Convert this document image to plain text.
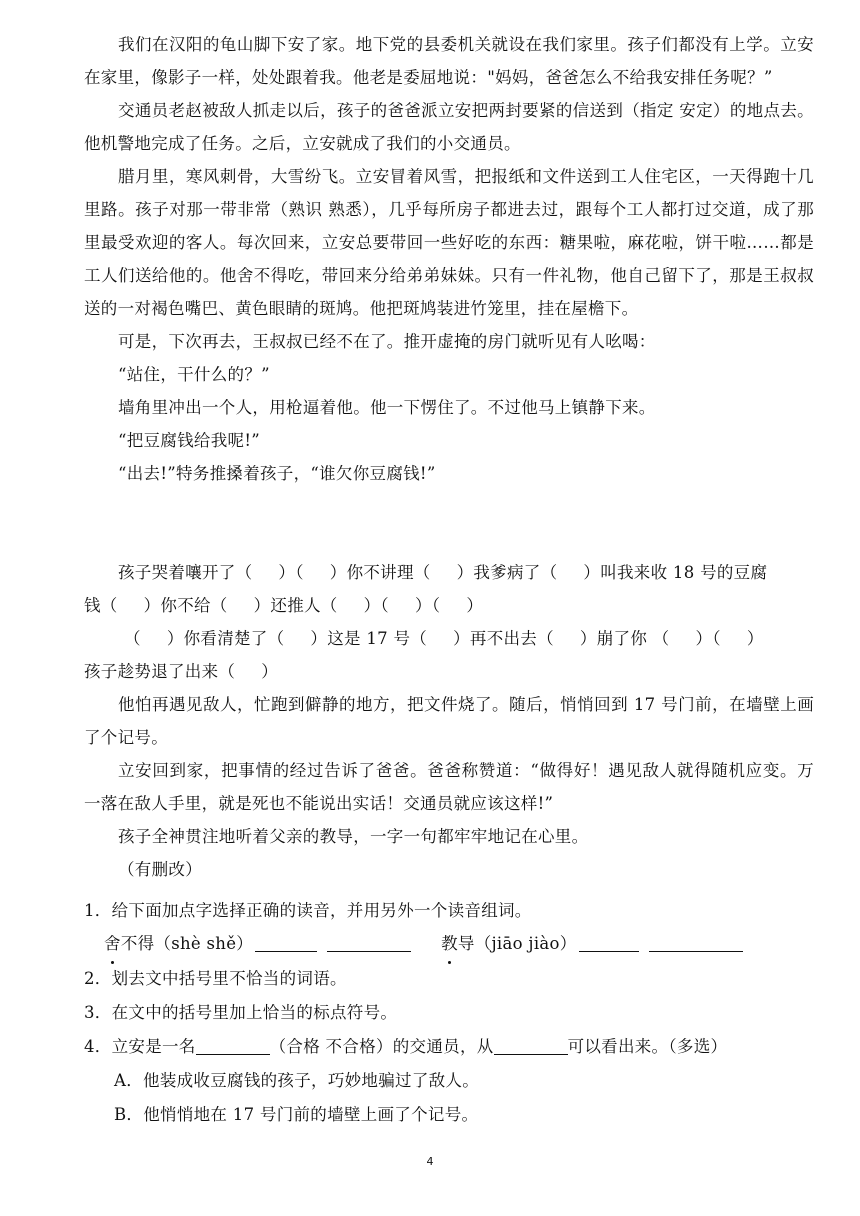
我们在汉阳的龟山脚下安了家。地下党的县委机关就设在我们家里。孩子们都没有上学。立安在家里，像影子一样，处处跟着我。他老是委屈地说："妈妈，爸爸怎么不给我安排任务呢？”
交通员老赵被敌人抓走以后，孩子的爸爸派立安把两封要紧的信送到（指定 安定）的地点去。他机警地完成了任务。之后，立安就成了我们的小交通员。
腊月里，寒风刺骨，大雪纷飞。立安冒着风雪，把报纸和文件送到工人住宅区，一天得跑十几里路。孩子对那一带非常（熟识 熟悉），几乎每所房子都进去过，跟每个工人都打过交道，成了那里最受欢迎的客人。每次回来，立安总要带回一些好吃的东西：糖果啦，麻花啦，饼干啦……都是工人们送给他的。他舍不得吃，带回来分给弟弟妹妹。只有一件礼物，他自己留下了，那是王叔叔送的一对褐色嘴巴、黄色眼睛的斑鸠。他把斑鸠装进竹笼里，挂在屋檐下。
可是，下次再去，王叔叔已经不在了。推开虚掩的房门就听见有人吆喝：
“站住，干什么的？”
墙角里冲出一个人，用枪逼着他。他一下愣住了。不过他马上镇静下来。
“把豆腐钱给我呢!”
“出去!”特务推搡着孩子，“谁欠你豆腐钱!”
孩子哭着嚷开了（ ）（ ）你不讲理（ ）我爹病了（ ）叫我来收 18 号的豆腐
钱（ ）你不给（ ）还推人（ ）（ ）（ ）
（ ）你看清楚了（ ）这是 17 号（ ）再不出去（ ）崩了你 （ ）（ ）
孩子趁势退了出来（ ）
他怕再遇见敌人，忙跑到僻静的地方，把文件烧了。随后，悄悄回到 17 号门前，在墙壁上画了个记号。
立安回到家，把事情的经过告诉了爸爸。爸爸称赞道：“做得好！遇见敌人就得随机应变。万一落在敌人手里，就是死也不能说出实话！交通员就应该这样!”
孩子全神贯注地听着父亲的教导，一字一句都牢牢地记在心里。
（有删改）
1．给下面加点字选择正确的读音，并用另外一个读音组词。
舍不得（shè shě）	教导（jiāo jiào）
2．划去文中括号里不恰当的词语。
3．在文中的括号里加上恰当的标点符号。
4．立安是一名	（合格 不合格）的交通员，从	可以看出来。（多选）
A．他装成收豆腐钱的孩子，巧妙地骗过了敌人。
B．他悄悄地在 17 号门前的墙壁上画了个记号。
4
